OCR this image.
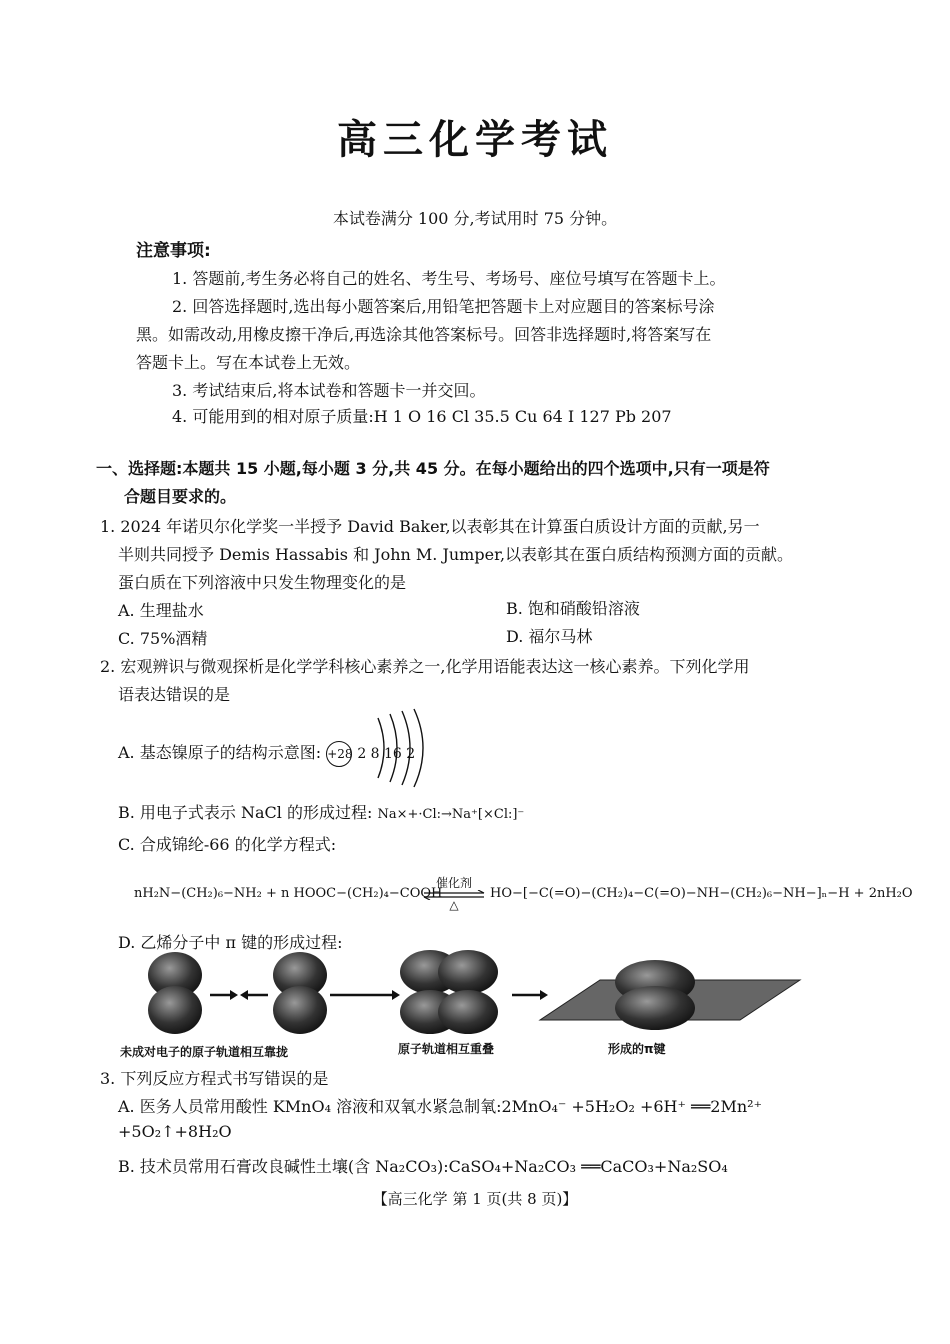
高三化学考试
本试卷满分 100 分,考试用时 75 分钟。
注意事项:
1. 答题前,考生务必将自己的姓名、考生号、考场号、座位号填写在答题卡上。
2. 回答选择题时,选出每小题答案后,用铅笔把答题卡上对应题目的答案标号涂
黑。如需改动,用橡皮擦干净后,再选涂其他答案标号。回答非选择题时,将答案写在
答题卡上。写在本试卷上无效。
3. 考试结束后,将本试卷和答题卡一并交回。
4. 可能用到的相对原子质量:H 1 O 16 Cl 35.5 Cu 64 I 127 Pb 207
一、选择题:本题共 15 小题,每小题 3 分,共 45 分。在每小题给出的四个选项中,只有一项是符
合题目要求的。
1. 2024 年诺贝尔化学奖一半授予 David Baker,以表彰其在计算蛋白质设计方面的贡献,另一
半则共同授予 Demis Hassabis 和 John M. Jumper,以表彰其在蛋白质结构预测方面的贡献。
蛋白质在下列溶液中只发生物理变化的是
A. 生理盐水	B. 饱和硝酸铅溶液
C. 75%酒精	D. 福尔马林
2. 宏观辨识与微观探析是化学学科核心素养之一,化学用语能表达这一核心素养。下列化学用
语表达错误的是
A. 基态镍原子的结构示意图: +28 2 8 16 2
B. 用电子式表示 NaCl 的形成过程: Na×+·Cl:→Na⁺[×Cl:]⁻
C. 合成锦纶-66 的化学方程式:
nH₂N−(CH₂)₆−NH₂ + n HOOC−(CH₂)₄−COOH
催化剂
△
HO−[−C(=O)−(CH₂)₄−C(=O)−NH−(CH₂)₆−NH−]ₙ−H + 2nH₂O
D. 乙烯分子中 π 键的形成过程:
未成对电子的原子轨道相互靠拢	原子轨道相互重叠	形成的π键
3. 下列反应方程式书写错误的是
A. 医务人员常用酸性 KMnO₄ 溶液和双氧水紧急制氧:2MnO₄⁻ +5H₂O₂ +6H⁺ ══2Mn²⁺
+5O₂↑+8H₂O
B. 技术员常用石膏改良碱性土壤(含 Na₂CO₃):CaSO₄+Na₂CO₃ ══CaCO₃+Na₂SO₄
【高三化学 第 1 页(共 8 页)】
